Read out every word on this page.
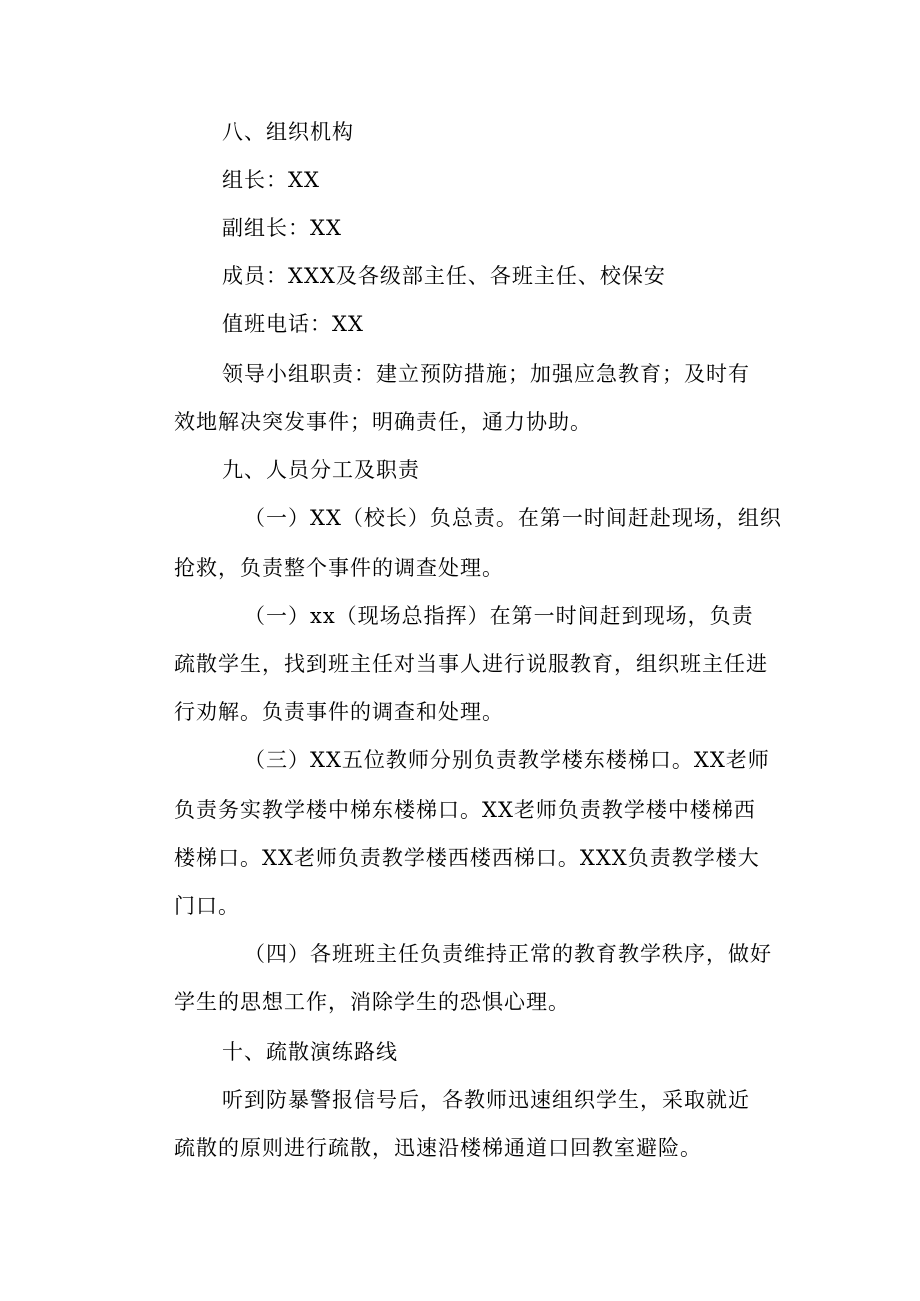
八、组织机构
组长：XX
副组长：XX
成员：XXX及各级部主任、各班主任、校保安
值班电话：XX
领导小组职责：建立预防措施；加强应急教育；及时有
效地解决突发事件；明确责任，通力协助。
九、人员分工及职责
（一）XX（校长）负总责。在第一时间赶赴现场，组织
抢救，负责整个事件的调查处理。
（一）xx（现场总指挥）在第一时间赶到现场，负责
疏散学生，找到班主任对当事人进行说服教育，组织班主任进
行劝解。负责事件的调查和处理。
（三）XX五位教师分别负责教学楼东楼梯口。XX老师
负责务实教学楼中梯东楼梯口。XX老师负责教学楼中楼梯西
楼梯口。XX老师负责教学楼西楼西梯口。XXX负责教学楼大
门口。
（四）各班班主任负责维持正常的教育教学秩序，做好
学生的思想工作，消除学生的恐惧心理。
十、疏散演练路线
听到防暴警报信号后，各教师迅速组织学生，采取就近
疏散的原则进行疏散，迅速沿楼梯通道口回教室避险。
